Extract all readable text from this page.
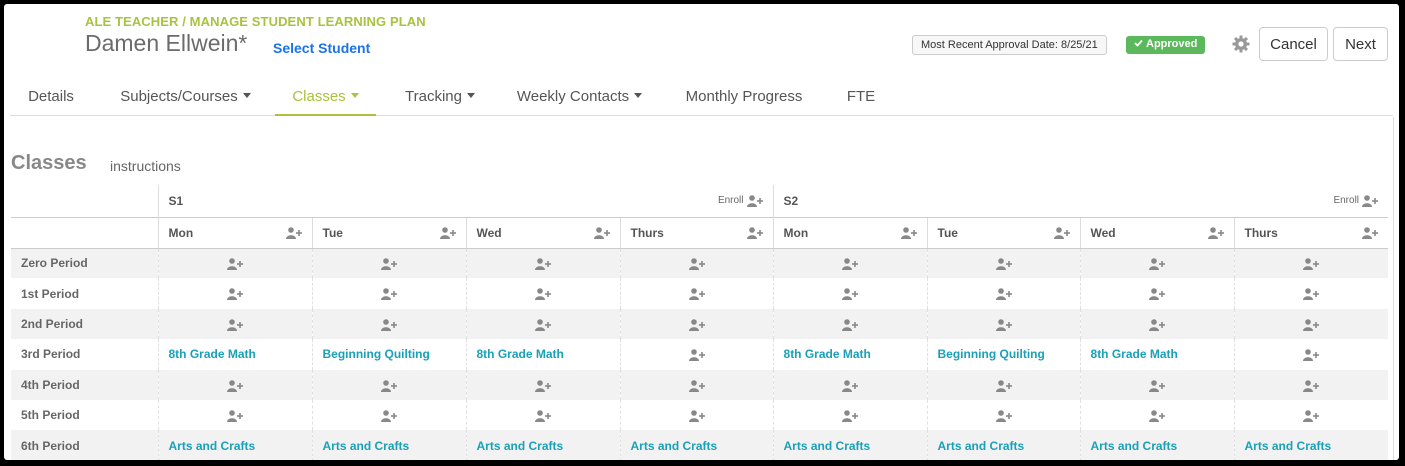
ALE TEACHER / MANAGE STUDENT LEARNING PLAN
Damen Ellwein* Select Student	Most Recent Approval Date: 8/25/21	Approved	Cancel	Next
Details	Subjects/Courses	Classes	Tracking	Weekly Contacts	Monthly Progress	FTE
Classes instructions

	S1 Enroll				S2 Enroll			

	Mon	Tue	Wed	Thurs	Mon	Tue	Wed	Thurs

Zero Period								
1st Period								
2nd Period								
3rd Period	8th Grade Math	Beginning Quilting	8th Grade Math		8th Grade Math	Beginning Quilting	8th Grade Math	
4th Period								
5th Period								
6th Period	Arts and Crafts	Arts and Crafts	Arts and Crafts	Arts and Crafts	Arts and Crafts	Arts and Crafts	Arts and Crafts	Arts and Crafts
